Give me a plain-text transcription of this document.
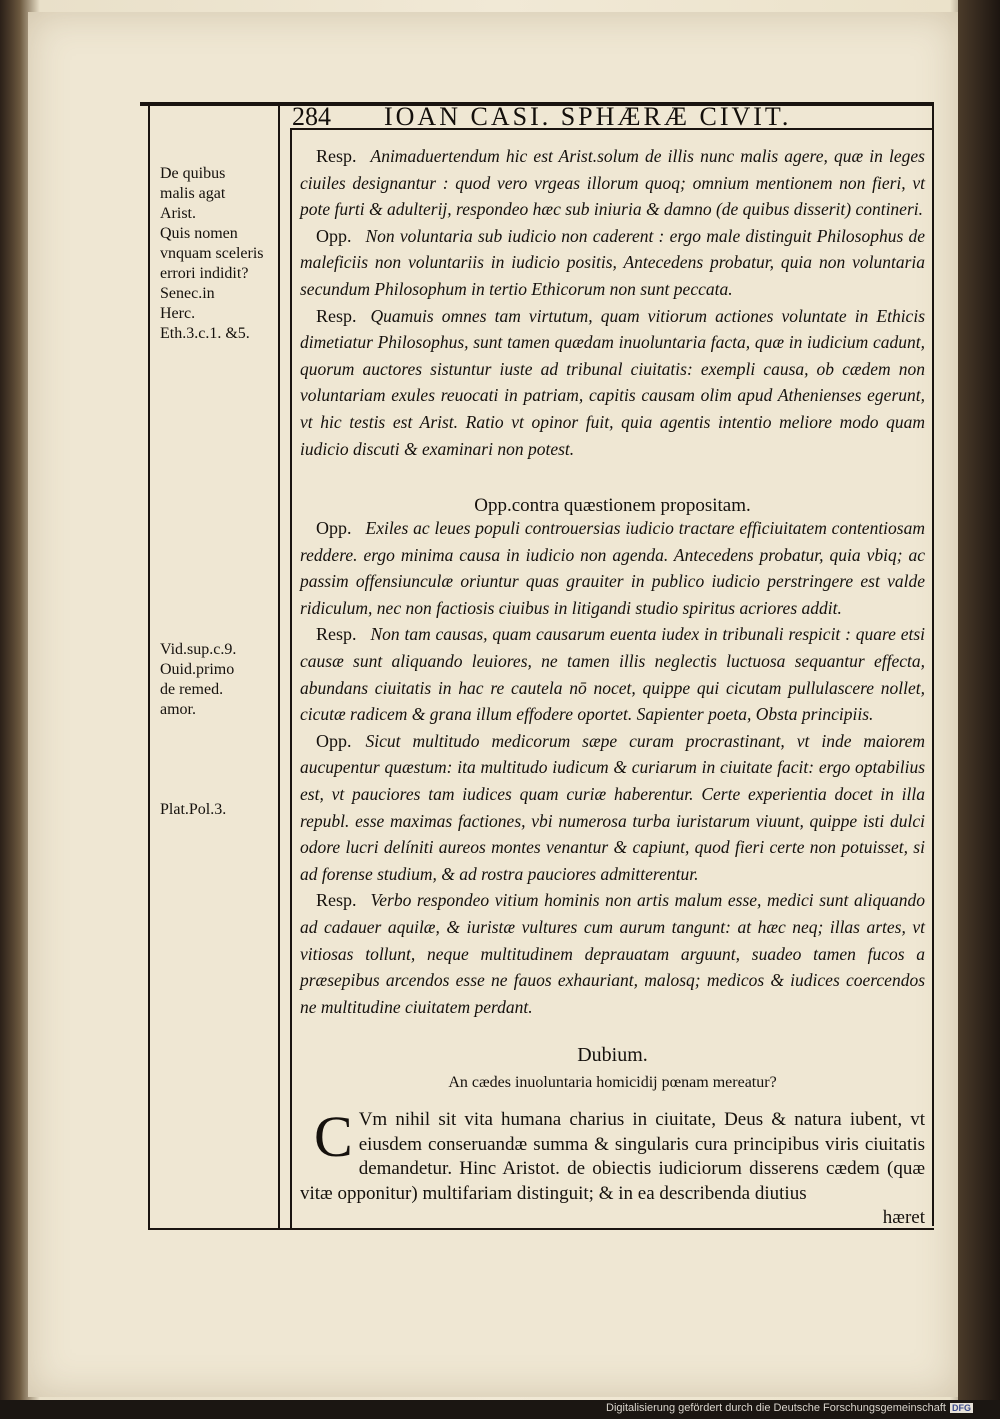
284 IOAN CASI. SPHÆRÆ CIVIT.
De quibus
malis agat
Arist.
Quis nomen
vnquam sceleris errori indidit?Senec.in
Herc.
Eth.3.c.1. &5.
Vid.sup.c.9.
Ouid.primo
de remed.
amor.
Plat.Pol.3.

Resp. Animaduertendum hic est Arist.solum de illis nunc malis agere, quæ in leges ciuiles designantur : quod vero vrgeas illorum quoq; omnium mentionem non fieri, vt pote furti & adulterij, respondeo hæc sub iniuria & damno (de quibus disserit) contineri.

Opp. Non voluntaria sub iudicio non caderent : ergo male distinguit Philosophus de maleficiis non voluntariis in iudicio positis, Antecedens probatur, quia non voluntaria secundum Philosophum in tertio Ethicorum non sunt peccata.

Resp. Quamuis omnes tam virtutum, quam vitiorum actiones voluntate in Ethicis dimetiatur Philosophus, sunt tamen quædam inuoluntaria facta, quæ in iudicium cadunt, quorum auctores sistuntur iuste ad tribunal ciuitatis: exempli causa, ob cædem non voluntariam exules reuocati in patriam, capitis causam olim apud Athenienses egerunt, vt hic testis est Arist. Ratio vt opinor fuit, quia agentis intentio meliore modo quam iudicio discuti & examinari non potest.

Opp.contra quæstionem propositam.

Opp. Exiles ac leues populi controuersias iudicio tractare efficiuitatem contentiosam reddere. ergo minima causa in iudicio non agenda. Antecedens probatur, quia vbiq; ac passim offensiunculæ oriuntur quas grauiter in publico iudicio perstringere est valde ridiculum, nec non factiosis ciuibus in litigandi studio spiritus acriores addit.

Resp. Non tam causas, quam causarum euenta iudex in tribunali respicit : quare etsi causæ sunt aliquando leuiores, ne tamen illis neglectis luctuosa sequantur effecta, abundans ciuitatis in hac re cautela nō nocet, quippe qui cicutam pullulascere nollet, cicutæ radicem & grana illum effodere oportet. Sapienter poeta, Obsta principiis.

Opp. Sicut multitudo medicorum sæpe curam procrastinant, vt inde maiorem aucupentur quæstum: ita multitudo iudicum & curiarum in ciuitate facit: ergo optabilius est, vt pauciores tam iudices quam curiæ haberentur. Certe experientia docet in illa republ. esse maximas factiones, vbi numerosa turba iuristarum viuunt, quippe isti dulci odore lucri delíniti aureos montes venantur & capiunt, quod fieri certe non potuisset, si ad forense studium, & ad rostra pauciores admitterentur.

Resp. Verbo respondeo vitium hominis non artis malum esse, medici sunt aliquando ad cadauer aquilæ, & iuristæ vultures cum aurum tangunt: at hæc neq; illas artes, vt vitiosas tollunt, neque multitudinem deprauatam arguunt, suadeo tamen fucos a præsepibus arcendos esse ne fauos exhauriant, malosq; medicos & iudices coercendos ne multitudine ciuitatem perdant.

Dubium.
An cædes inuoluntaria homicidij pœnam mereatur?
C Vm nihil sit vita humana charius in ciuitate, Deus & natura iubent, vt eiusdem conseruandæ summa & singularis cura principibus viris ciuitatis demandetur. Hinc Aristot. de obiectis iudiciorum disserens cædem (quæ vitæ opponitur) multifariam distinguit; & in ea describenda diutius
hæret
Digitalisierung gefördert durch die Deutsche Forschungsgemeinschaft DFG
